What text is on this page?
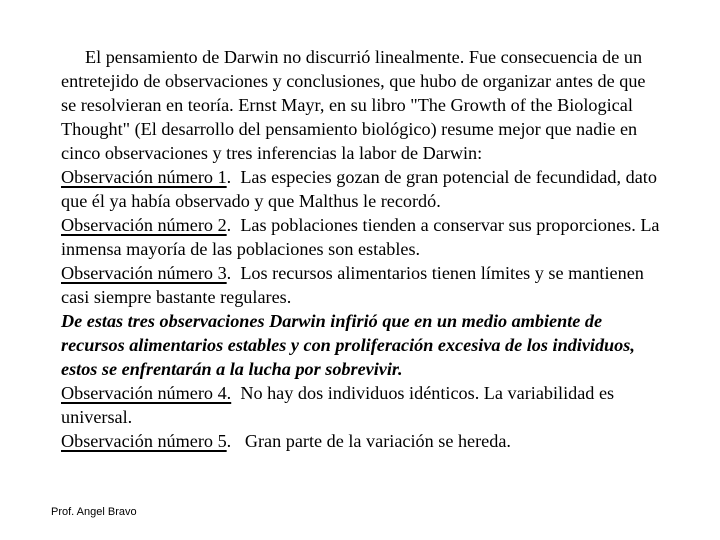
El pensamiento de Darwin no discurrió linealmente. Fue consecuencia de un entretejido de observaciones y conclusiones, que hubo de organizar antes de que se resolvieran en teoría. Ernst Mayr, en su libro "The Growth of the Biological Thought" (El desarrollo del pensamiento biológico) resume mejor que nadie en cinco observaciones y tres inferencias la labor de Darwin:

Observación número 1.  Las especies gozan de gran potencial de fecundidad, dato que él ya había observado y que Malthus le recordó.

Observación número 2.  Las poblaciones tienden a conservar sus proporciones. La inmensa mayoría de las poblaciones son estables.

Observación número 3.  Los recursos alimentarios tienen límites y se mantienen casi siempre bastante regulares.

De estas tres observaciones Darwin infirió que en un medio ambiente de recursos alimentarios estables y con proliferación excesiva de los individuos, estos se enfrentarán a la lucha por sobrevivir.

Observación número 4. No hay dos individuos idénticos. La variabilidad es universal.

Observación número 5.   Gran parte de la variación se hereda.

Prof. Angel Bravo
